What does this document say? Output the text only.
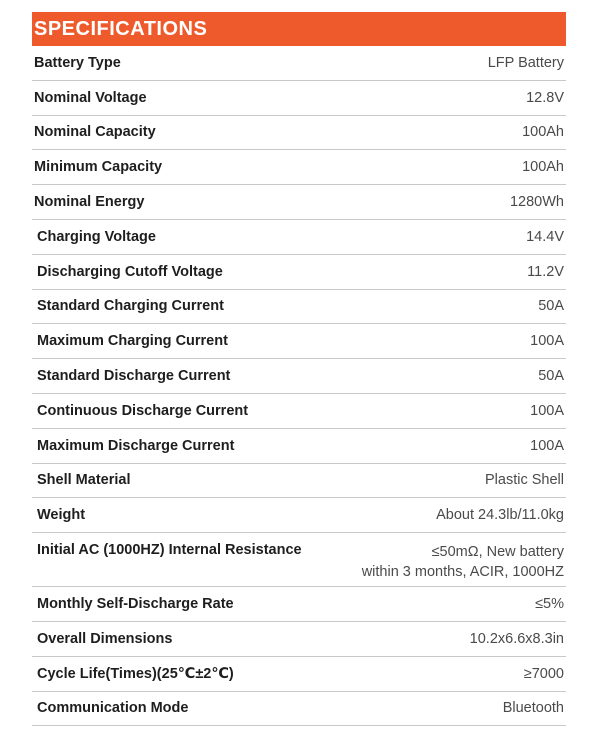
SPECIFICATIONS
Battery Type	LFP Battery
Nominal Voltage	12.8V
Nominal Capacity	100Ah
Minimum Capacity	100Ah
Nominal Energy	1280Wh
Charging Voltage	14.4V
Discharging Cutoff Voltage	11.2V
Standard Charging Current	50A
Maximum Charging Current	100A
Standard Discharge Current	50A
Continuous Discharge Current	100A
Maximum Discharge Current	100A
Shell Material	Plastic Shell
Weight	About 24.3lb/11.0kg
Initial AC (1000HZ) Internal Resistance	≤50mΩ, New battery
within 3 months, ACIR, 1000HZ
Monthly Self-Discharge Rate	≤5%
Overall Dimensions	10.2x6.6x8.3in
Cycle Life(Times)(25℃±2℃)	≥7000
Communication Mode	Bluetooth
